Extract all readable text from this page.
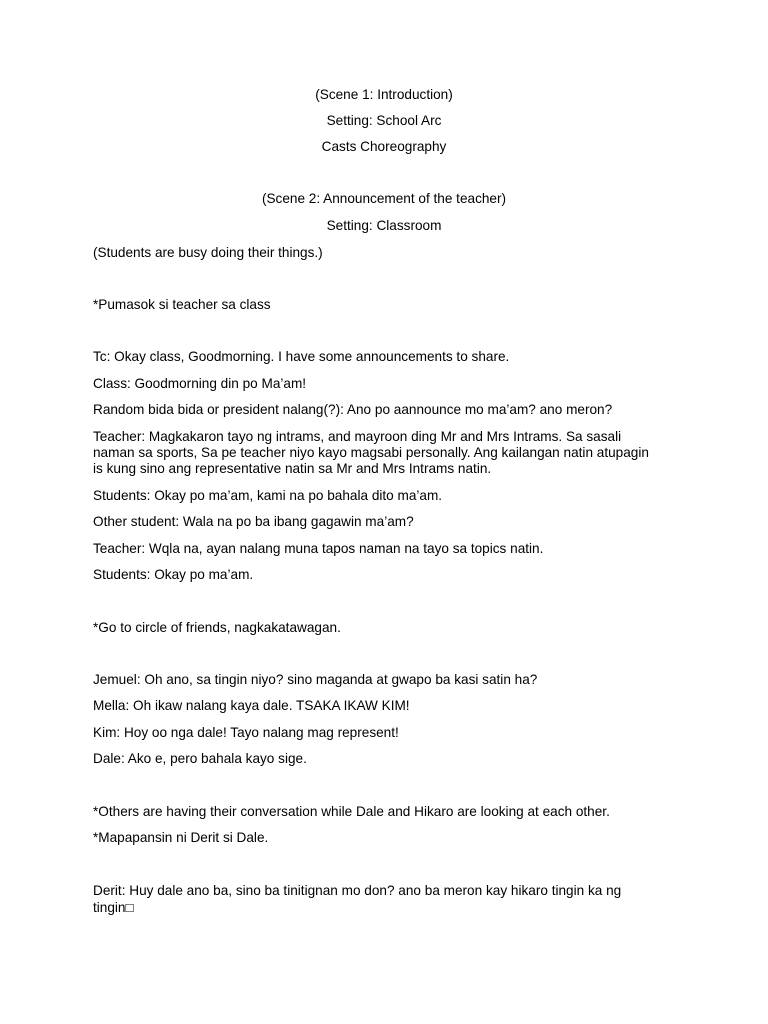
(Scene 1: Introduction)
Setting: School Arc
Casts Choreography
(Scene 2: Announcement of the teacher)
Setting: Classroom
(Students are busy doing their things.)
*Pumasok si teacher sa class
Tc: Okay class, Goodmorning. I have some announcements to share.
Class: Goodmorning din po Ma’am!
Random bida bida or president nalang(?): Ano po aannounce mo ma’am? ano meron?
Teacher: Magkakaron tayo ng intrams, and mayroon ding Mr and Mrs Intrams. Sa sasali
naman sa sports, Sa pe teacher niyo kayo magsabi personally. Ang kailangan natin atupagin
is kung sino ang representative natin sa Mr and Mrs Intrams natin.
Students: Okay po ma’am, kami na po bahala dito ma’am.
Other student: Wala na po ba ibang gagawin ma’am?
Teacher: Wqla na, ayan nalang muna tapos naman na tayo sa topics natin.
Students: Okay po ma’am.
*Go to circle of friends, nagkakatawagan.
Jemuel: Oh ano, sa tingin niyo? sino maganda at gwapo ba kasi satin ha?
Mella: Oh ikaw nalang kaya dale. TSAKA IKAW KIM!
Kim: Hoy oo nga dale! Tayo nalang mag represent!
Dale: Ako e, pero bahala kayo sige.
*Others are having their conversation while Dale and Hikaro are looking at each other.
*Mapapansin ni Derit si Dale.
Derit: Huy dale ano ba, sino ba tinitignan mo don? ano ba meron kay hikaro tingin ka ng
tingin□
